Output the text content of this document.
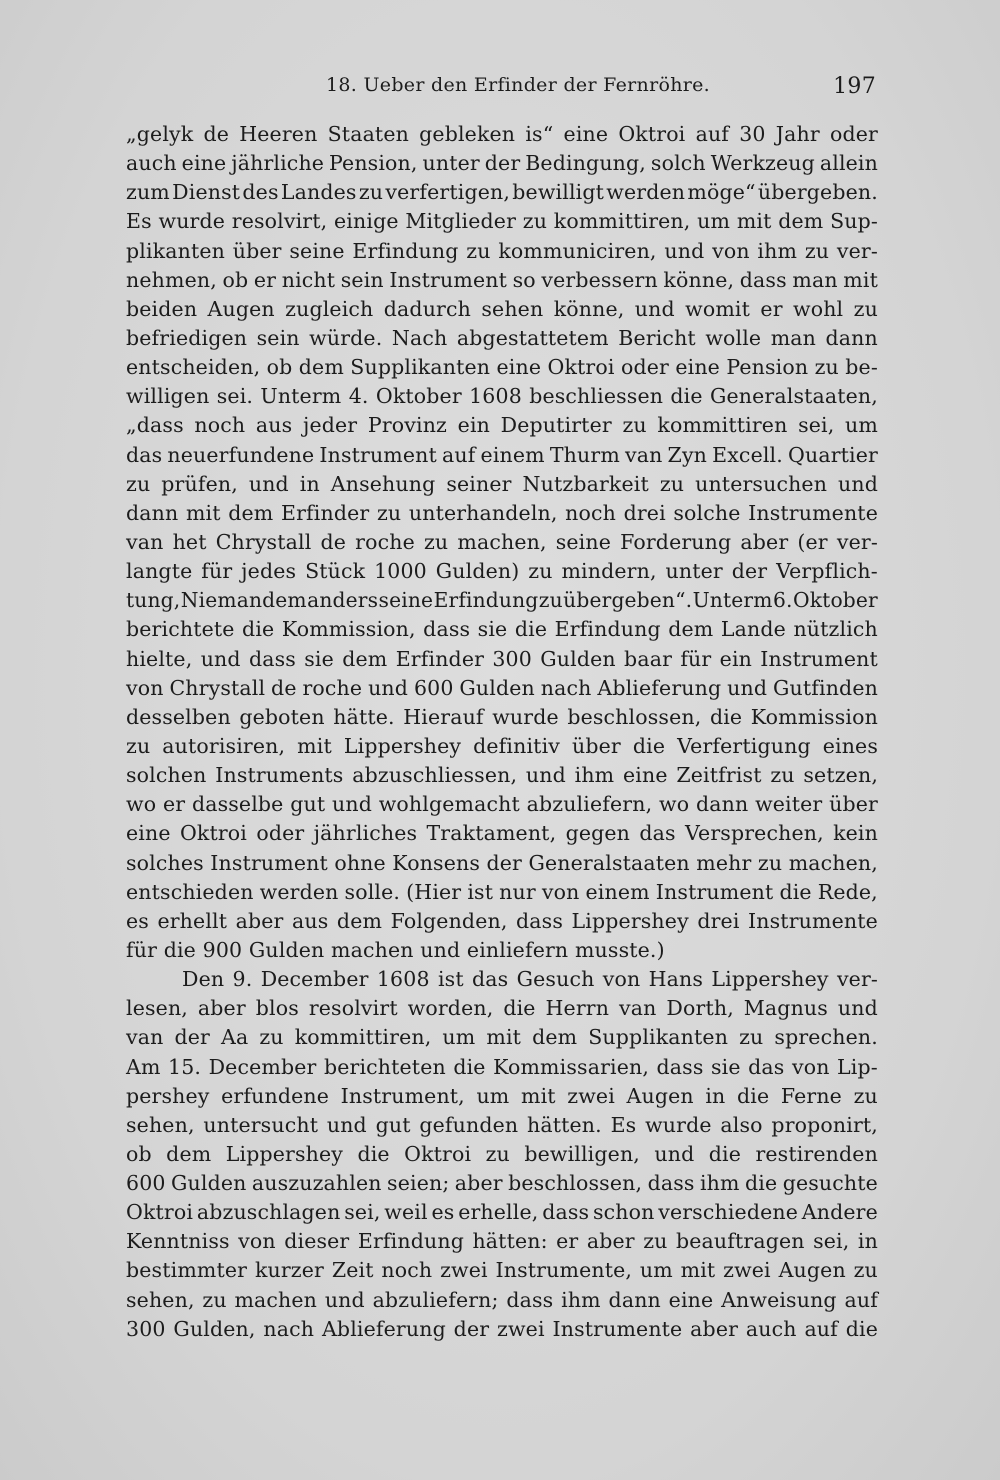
18. Ueber den Erfinder der Fernröhre.	197
„gelyk de Heeren Staaten gebleken is“ eine Oktroi auf 30 Jahr oder
auch eine jährliche Pension, unter der Bedingung, solch Werkzeug allein
zum Dienst des Landes zu verfertigen, bewilligt werden möge“ übergeben.
Es wurde resolvirt, einige Mitglieder zu kommittiren, um mit dem Sup-
plikanten über seine Erfindung zu kommuniciren, und von ihm zu ver-
nehmen, ob er nicht sein Instrument so verbessern könne, dass man mit
beiden Augen zugleich dadurch sehen könne, und womit er wohl zu
befriedigen sein würde. Nach abgestattetem Bericht wolle man dann
entscheiden, ob dem Supplikanten eine Oktroi oder eine Pension zu be-
willigen sei. Unterm 4. Oktober 1608 beschliessen die Generalstaaten,
„dass noch aus jeder Provinz ein Deputirter zu kommittiren sei, um
das neuerfundene Instrument auf einem Thurm van Zyn Excell. Quartier
zu prüfen, und in Ansehung seiner Nutzbarkeit zu untersuchen und
dann mit dem Erfinder zu unterhandeln, noch drei solche Instrumente
van het Chrystall de roche zu machen, seine Forderung aber (er ver-
langte für jedes Stück 1000 Gulden) zu mindern, unter der Verpflich-
tung, Niemandem anders seine Erfindung zu übergeben“. Unterm 6. Oktober
berichtete die Kommission, dass sie die Erfindung dem Lande nützlich
hielte, und dass sie dem Erfinder 300 Gulden baar für ein Instrument
von Chrystall de roche und 600 Gulden nach Ablieferung und Gutfinden
desselben geboten hätte. Hierauf wurde beschlossen, die Kommission
zu autorisiren, mit Lippershey definitiv über die Verfertigung eines
solchen Instruments abzuschliessen, und ihm eine Zeitfrist zu setzen,
wo er dasselbe gut und wohlgemacht abzuliefern, wo dann weiter über
eine Oktroi oder jährliches Traktament, gegen das Versprechen, kein
solches Instrument ohne Konsens der Generalstaaten mehr zu machen,
entschieden werden solle. (Hier ist nur von einem Instrument die Rede,
es erhellt aber aus dem Folgenden, dass Lippershey drei Instrumente
für die 900 Gulden machen und einliefern musste.)
Den 9. December 1608 ist das Gesuch von Hans Lippershey ver-
lesen, aber blos resolvirt worden, die Herrn van Dorth, Magnus und
van der Aa zu kommittiren, um mit dem Supplikanten zu sprechen.
Am 15. December berichteten die Kommissarien, dass sie das von Lip-
pershey erfundene Instrument, um mit zwei Augen in die Ferne zu
sehen, untersucht und gut gefunden hätten. Es wurde also proponirt,
ob dem Lippershey die Oktroi zu bewilligen, und die restirenden
600 Gulden auszuzahlen seien; aber beschlossen, dass ihm die gesuchte
Oktroi abzuschlagen sei, weil es erhelle, dass schon verschiedene Andere
Kenntniss von dieser Erfindung hätten: er aber zu beauftragen sei, in
bestimmter kurzer Zeit noch zwei Instrumente, um mit zwei Augen zu
sehen, zu machen und abzuliefern; dass ihm dann eine Anweisung auf
300 Gulden, nach Ablieferung der zwei Instrumente aber auch auf die
